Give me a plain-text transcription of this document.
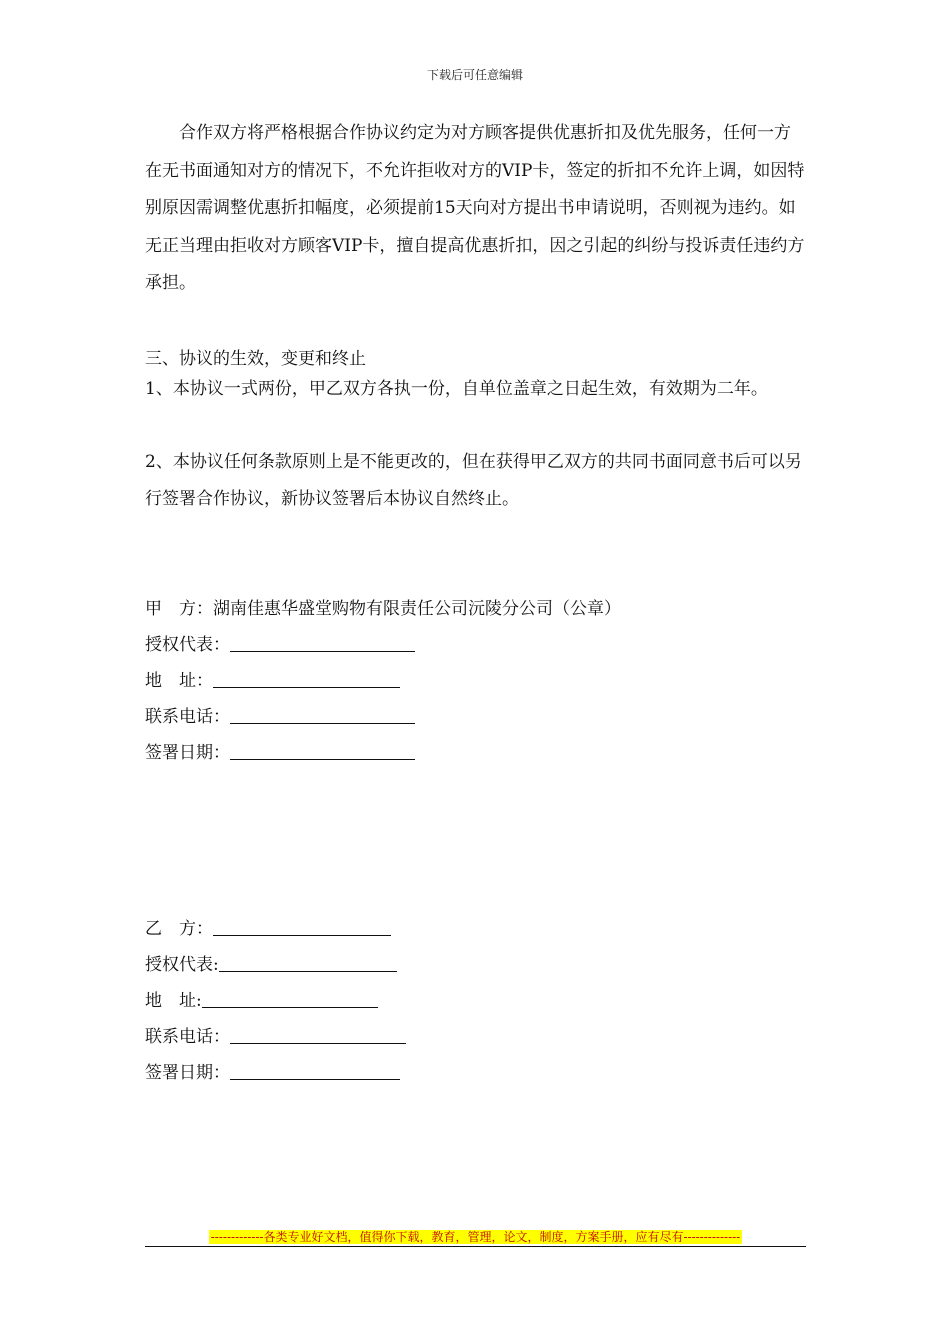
下载后可任意编辑

　　合作双方将严格根据合作协议约定为对方顾客提供优惠折扣及优先服务，任何一方在无书面通知对方的情况下，不允许拒收对方的VIP卡，签定的折扣不允许上调，如因特别原因需调整优惠折扣幅度，必须提前15天向对方提出书申请说明，否则视为违约。如无正当理由拒收对方顾客VIP卡，擅自提高优惠折扣，因之引起的纠纷与投诉责任违约方承担。

三、协议的生效，变更和终止

1、本协议一式两份，甲乙双方各执一份，自单位盖章之日起生效，有效期为二年。

2、本协议任何条款原则上是不能更改的，但在获得甲乙双方的共同书面同意书后可以另行签署合作协议，新协议签署后本协议自然终止。

甲　方：湖南佳惠华盛堂购物有限责任公司沅陵分公司（公章）
授权代表：
地　址：
联系电话：
签署日期：
乙　方：
授权代表:
地　址:
联系电话：
签署日期：
-------------各类专业好文档，值得你下载，教育，管理，论文，制度，方案手册，应有尽有--------------
